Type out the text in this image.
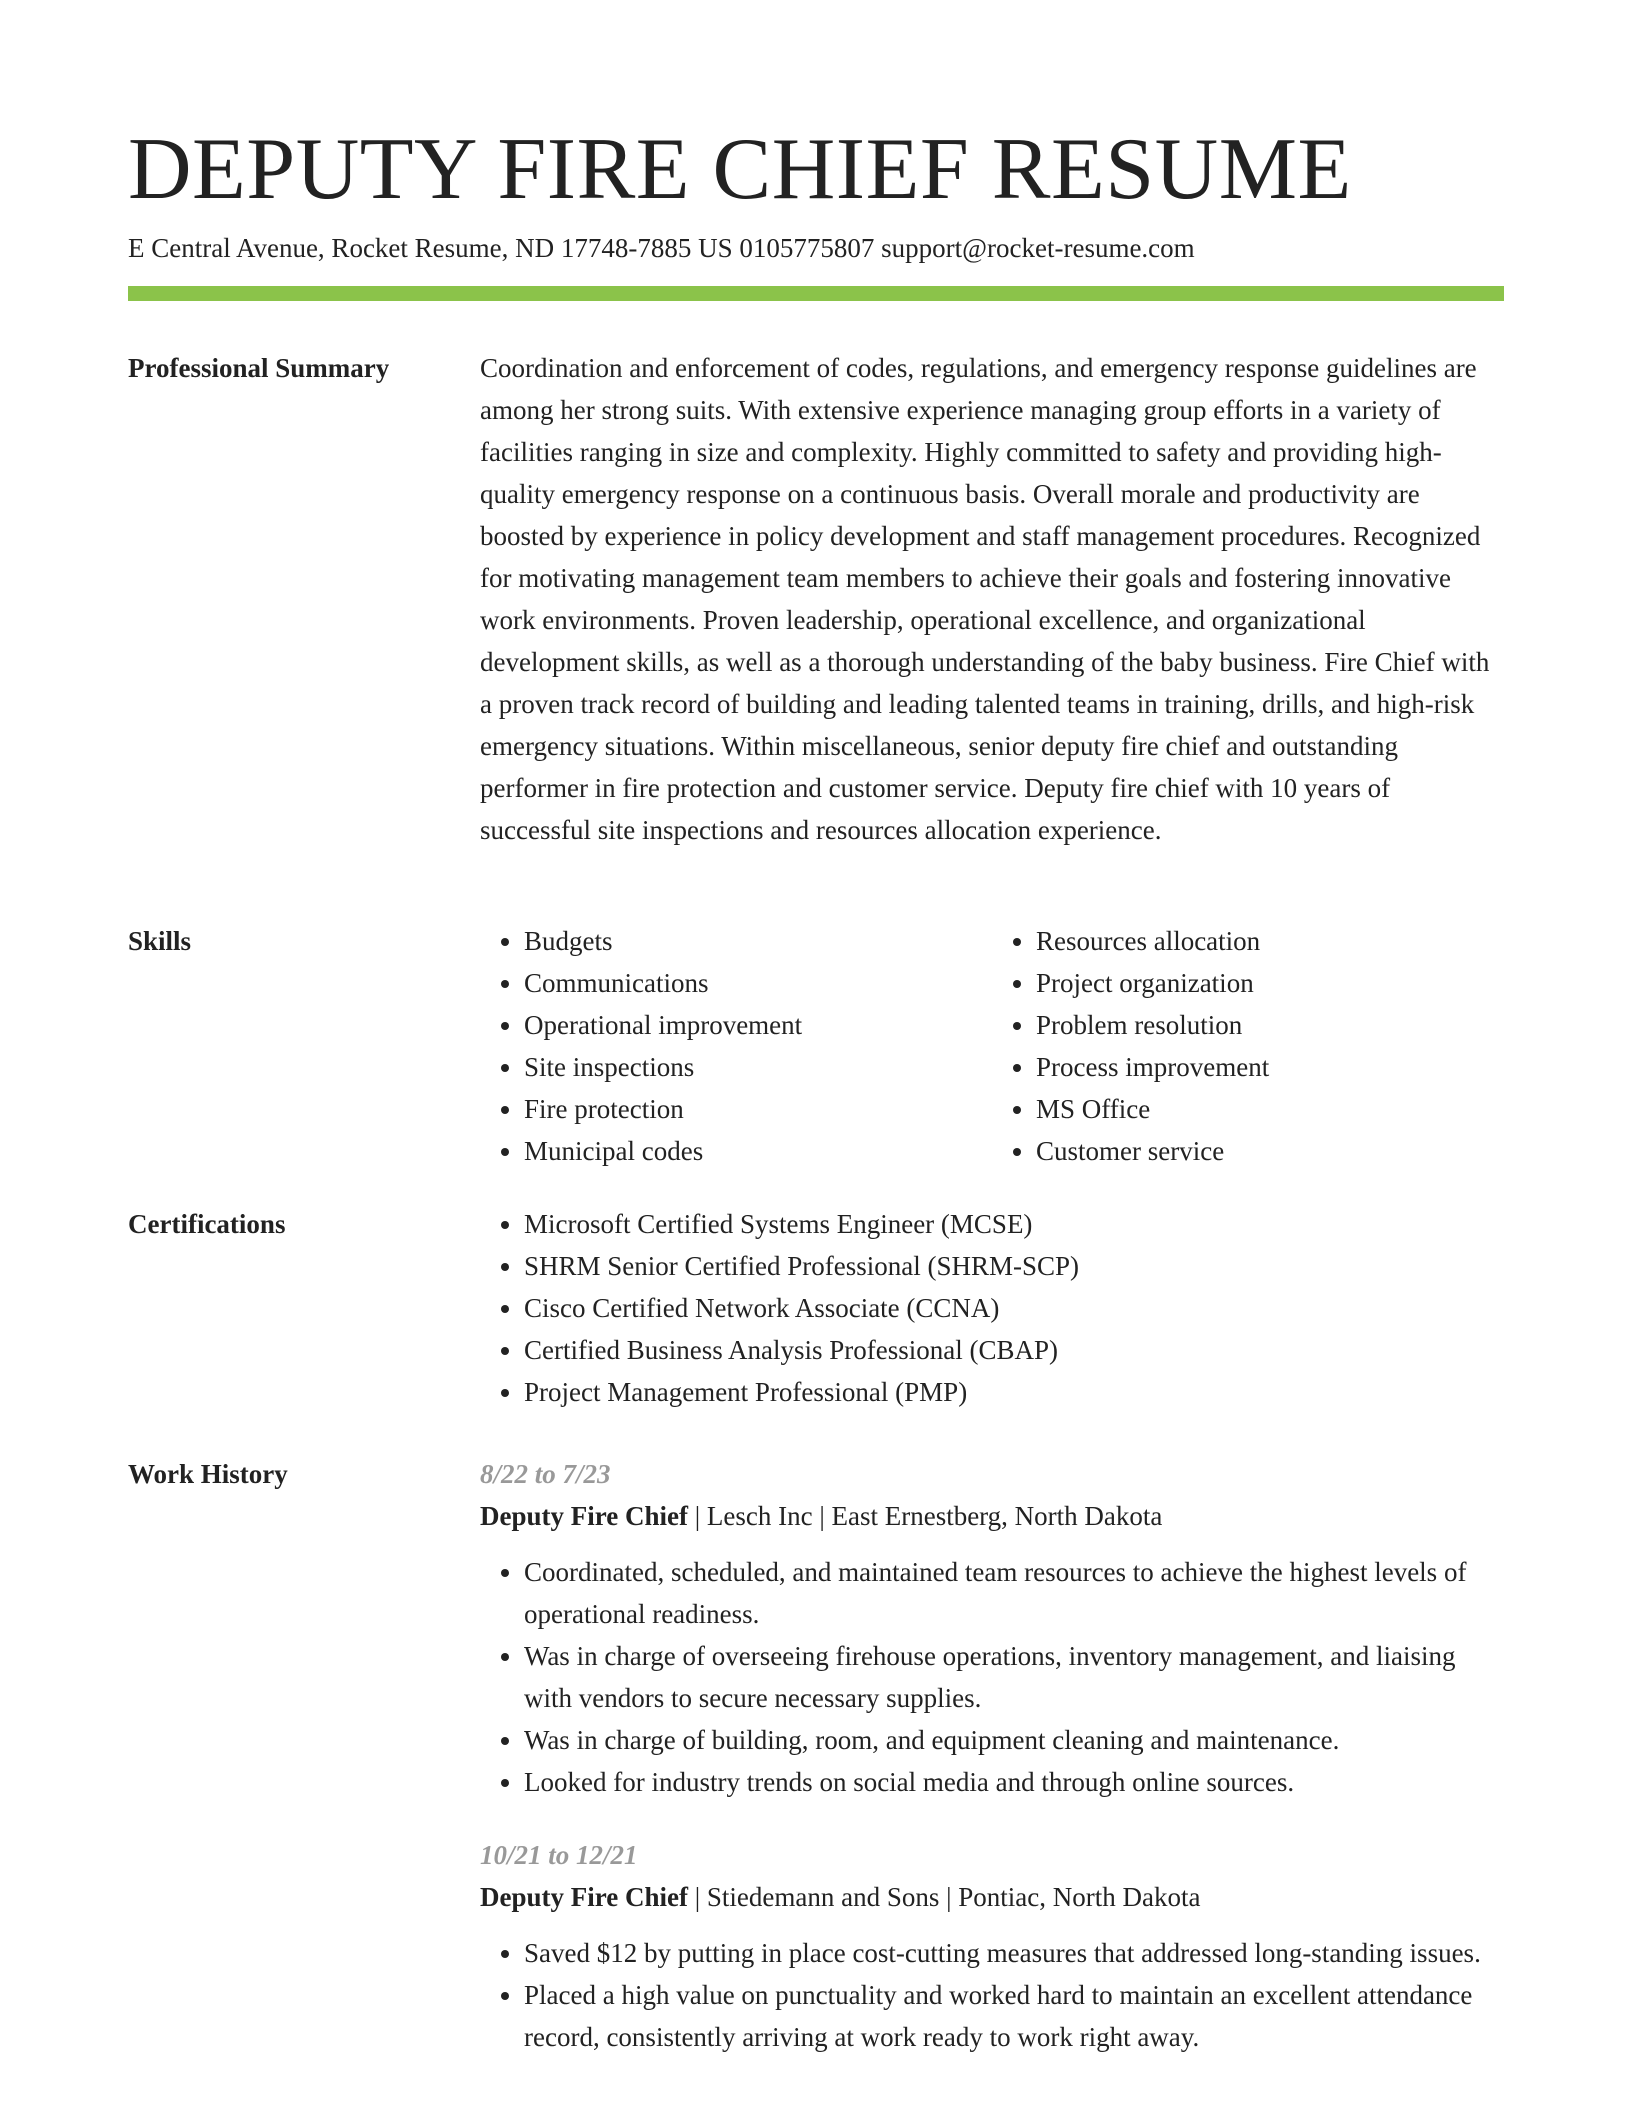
DEPUTY FIRE CHIEF RESUME
E Central Avenue, Rocket Resume, ND 17748-7885 US 0105775807 support@rocket-resume.com
Professional Summary	Coordination and enforcement of codes, regulations, and emergency response guidelines are among her strong suits. With extensive experience managing group efforts in a variety of facilities ranging in size and complexity. Highly committed to safety and providing high-quality emergency response on a continuous basis. Overall morale and productivity are boosted by experience in policy development and staff management procedures. Recognized for motivating management team members to achieve their goals and fostering innovative work environments. Proven leadership, operational excellence, and organizational development skills, as well as a thorough understanding of the baby business. Fire Chief with a proven track record of building and leading talented teams in training, drills, and high-risk emergency situations. Within miscellaneous, senior deputy fire chief and outstanding performer in fire protection and customer service. Deputy fire chief with 10 years of successful site inspections and resources allocation experience.

Skills	• Budgets
• Communications
• Operational improvement
• Site inspections
• Fire protection
• Municipal codes
• Resources allocation
• Project organization
• Problem resolution
• Process improvement
• MS Office
• Customer service
Certifications	• Microsoft Certified Systems Engineer (MCSE)
• SHRM Senior Certified Professional (SHRM-SCP)
• Cisco Certified Network Associate (CCNA)
• Certified Business Analysis Professional (CBAP)
• Project Management Professional (PMP)
Work History	8/22 to 7/23
Deputy Fire Chief | Lesch Inc | East Ernestberg, North Dakota
• Coordinated, scheduled, and maintained team resources to achieve the highest levels of operational readiness.
• Was in charge of overseeing firehouse operations, inventory management, and liaising with vendors to secure necessary supplies.
• Was in charge of building, room, and equipment cleaning and maintenance.
• Looked for industry trends on social media and through online sources.
10/21 to 12/21
Deputy Fire Chief | Stiedemann and Sons | Pontiac, North Dakota
• Saved $12 by putting in place cost-cutting measures that addressed long-standing issues.
• Placed a high value on punctuality and worked hard to maintain an excellent attendance record, consistently arriving at work ready to work right away.
